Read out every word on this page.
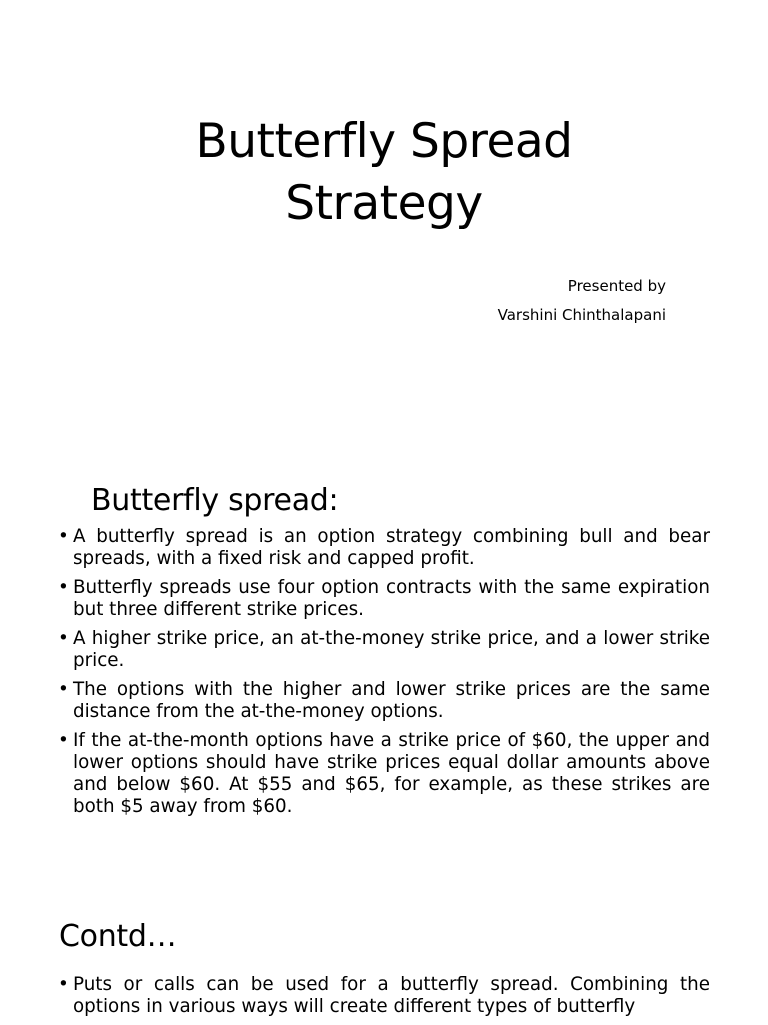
Butterfly Spread
Strategy
Presented by
Varshini Chinthalapani
Butterfly spread:
• A butterfly spread is an option strategy combining bull and bear spreads, with a fixed risk and capped profit.
• Butterfly spreads use four option contracts with the same expiration but three different strike prices.
• A higher strike price, an at-the-money strike price, and a lower strike price.
• The options with the higher and lower strike prices are the same distance from the at-the-money options.
• If the at-the-month options have a strike price of $60, the upper and lower options should have strike prices equal dollar amounts above and below $60. At $55 and $65, for example, as these strikes are both $5 away from $60.
Contd…
• Puts or calls can be used for a butterfly spread. Combining the options in various ways will create different types of butterfly
